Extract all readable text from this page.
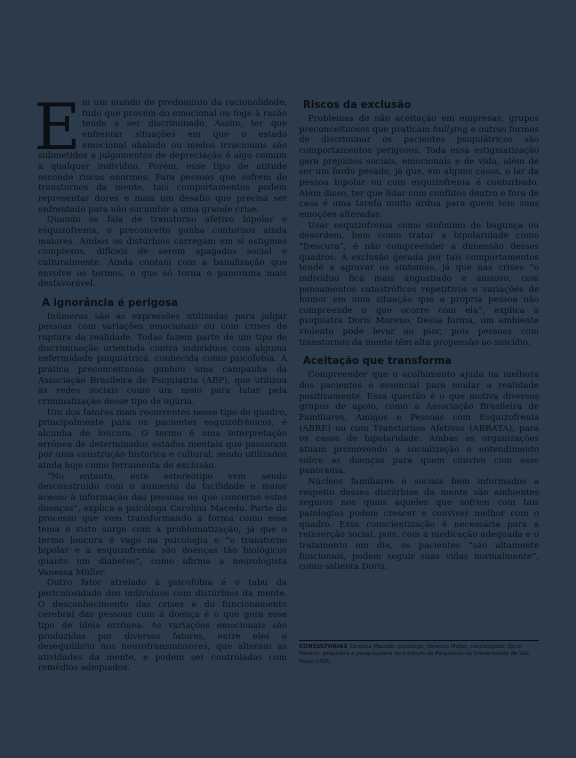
E m um mundo de predomínio da racionalidade, tudo que provém do emocional ou foge à razão tende a ser discriminado. Assim, ter que enfrentar situações em que o estado emocional abalado ou medos irracionais são submetidos a julgamentos de depreciação é algo comum a qualquer indivíduo. Porém, esse tipo de atitude esconde riscos enormes. Para pessoas que sofrem de transtornos da mente, tais comportamentos podem representar dores e mais um desafio que precisa ser enfrentado para não sucumbir a uma grande crise.

Quando se fala de transtorno afetivo bipolar e esquizofrenia, o preconceito ganha contornos ainda maiores. Ambos os distúrbios carregam em si estigmas complexos, difíceis de serem apagados social e culturalmente. Ainda contam com a banalização que envolve os termos, o que só torna o panorama mais desfavorável.

A ignorância é perigosa

Inúmeras são as expressões utilizadas para julgar pessoas com variações emocionais ou com crises de ruptura da realidade. Todas fazem parte de um tipo de discriminação orientada contra indivíduos com alguma enfermidade psiquiátrica, conhecida como psicofobia. A prática preconceituosa ganhou uma campanha da Associação Brasileira de Psiquiatria (ABP), que utilizou as redes sociais como um meio para lutar pela criminalização desse tipo de injúria.

Um dos fatores mais recorrentes nesse tipo de quadro, principalmente para os pacientes esquizofrênicos, é alcunha de loucura. O termo é uma interpretação errônea de determinados estados mentais que passaram por uma construção histórica e cultural, sendo utilizados ainda hoje como ferramenta de exclusão.

“No entanto, este estereótipo vem sendo desconstruído com o aumento da facilidade e maior acesso à informação das pessoas ao que concerne estas doenças”, explica a psicóloga Carolina Macedo. Parte do processo que vem transformando a forma como esse tema é visto surge com a problematização, já que o termo loucura é vago na psicologia e “o transtorno bipolar e a esquizofrenia são doenças tão biológicos quanto um diabetes”, como afirma a neurologista Vanessa Müller.

Outro fator atrelado à psicofobia é o tabu da periculosidade dos indivíduos com distúrbios da mente. O desconhecimento das crises e do funcionamento cerebral das pessoas com a doença é o que gera esse tipo de ideia errônea. As variações emocionais são produzidas por diversos fatores, entre eles o desequilíbrio nos neurotransmissores, que alteram as atividades da mente, e podem ser controladas com remédios adequados.

Riscos da exclusão

Problemas de não aceitação em empresas, grupos preconceituosos que praticam bullying e outras formas de discriminar os pacientes psiquiátricos são comportamentos perigosos. Toda essa estigmatização gera prejuízos sociais, emocionais e de vida, além de ser um fardo pesado, já que, em alguns casos, o lar da pessoa bipolar ou com esquizofrenia é conturbado. Além disso, ter que lidar com conflitos dentro e fora de casa é uma tarefa muito árdua para quem tem suas emoções alteradas.

Usar esquizofrenia como sinônimo de bagunça ou desordem, bem como tratar a bipolaridade como “frescura”, é não compreender a dimensão desses quadros. A exclusão gerada por tais comportamentos tende a agravar os sintomas, já que nas crises “o indivíduo fica mais angustiado e ansioso, com pensamentos catastróficos repetitivos e variações de humor em uma situação que a própria pessoa não compreende o que ocorre com ela”, explica a psiquiatra Doris Moreno. Dessa forma, um ambiente violento pode levar ao pior, pois pessoas com transtornos da mente têm alta propensão ao suicídio.

Aceitação que transforma

Compreender que o acolhimento ajuda na melhora dos pacientes é essencial para mudar a realidade positivamente. Essa questão é o que motiva diversos grupos de apoio, como a Associação Brasileira de Familiares, Amigos e Pessoas com Esquizofrenia (ABRE) ou com Transtornos Afetivos (ABRATA), para os casos de bipolaridade. Ambas as organizações atuam promovendo a socialização e entendimento sobre as doenças para quem convive com esse panorama.

Núcleos familiares e sociais bem informados a respeito desses distúrbios da mente são ambientes seguros nos quais aqueles que sofrem com tais patologias podem crescer e conviver melhor com o quadro. Essa conscientização é necessária para a reinserção social, pois, com a medicação adequada e o tratamento em dia, os pacientes “são altamente funcionais, podem seguir suas vidas normalmente”, como salienta Doris.

CONSULTORIAS Carolina Macedo, psicóloga; Vanessa Müller, neurologista; Doris Moreno, psiquiatra e pesquisadora do Instituto de Psiquiatria da Universidade de São Paulo (USP).
